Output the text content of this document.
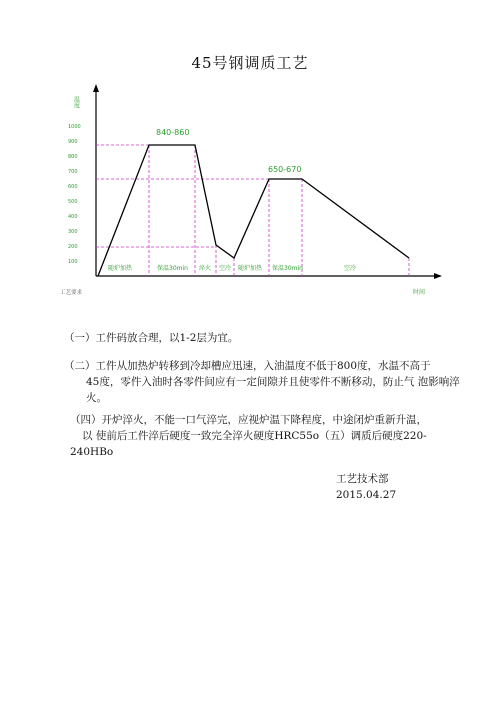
45号钢调质工艺
温度
100
200
300
400
500
600
700
800
900
1000
840-860
650-670
随炉加热	保温30min 淬火 空冷 随炉加热 保温30min	空冷
时间
工艺要求

（一）工件码放合理，以1-2层为宜。

（二）工件从加热炉转移到冷却槽应迅速，入油温度不低于800度，水温不高于
45度，零件入油时各零件间应有一定间隙并且使零件不断移动，防止气 泡影响淬火。

（四）开炉淬火，不能一口气淬完，应视炉温下降程度，中途闭炉重新升温，
以 使前后工件淬后硬度一致完全淬火硬度HRC55o（五）调质后硬度220-
240HBo

工艺技术部2015.04.27
